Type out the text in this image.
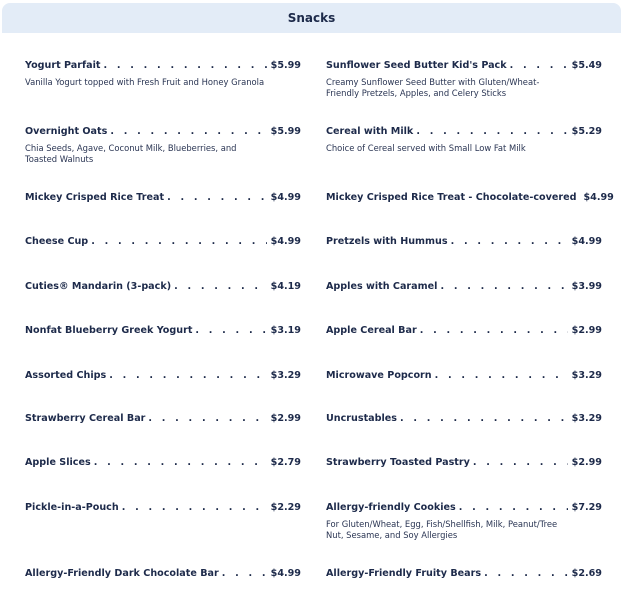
Snacks
Yogurt Parfait . . .	$5.99
Vanilla Yogurt topped with Fresh Fruit and Honey Granola
Overnight Oats . . .	$5.99
Chia Seeds, Agave, Coconut Milk, Blueberries, and Toasted Walnuts
Mickey Crisped Rice Treat . . .	$4.99
Cheese Cup . . .	$4.99
Cuties® Mandarin (3-pack) . . .	$4.19
Nonfat Blueberry Greek Yogurt . . .	$3.19
Assorted Chips . . .	$3.29
Strawberry Cereal Bar . . .	$2.99
Apple Slices . . .	$2.79
Pickle-in-a-Pouch . . .	$2.29
Allergy-Friendly Dark Chocolate Bar . . .	$4.99
Sunflower Seed Butter Kid's Pack . . .	$5.49
Creamy Sunflower Seed Butter with Gluten/Wheat-Friendly Pretzels, Apples, and Celery Sticks
Cereal with Milk . . .	$5.29
Choice of Cereal served with Small Low Fat Milk
Mickey Crisped Rice Treat - Chocolate-covered $4.99
Pretzels with Hummus . . .	$4.99
Apples with Caramel . . .	$3.99
Apple Cereal Bar . . .	$2.99
Microwave Popcorn . . .	$3.29
Uncrustables . . .	$3.29
Strawberry Toasted Pastry . . .	$2.99
Allergy-friendly Cookies . . .	$7.29
For Gluten/Wheat, Egg, Fish/Shellfish, Milk, Peanut/Tree Nut, Sesame, and Soy Allergies
Allergy-Friendly Fruity Bears . . .	$2.69
